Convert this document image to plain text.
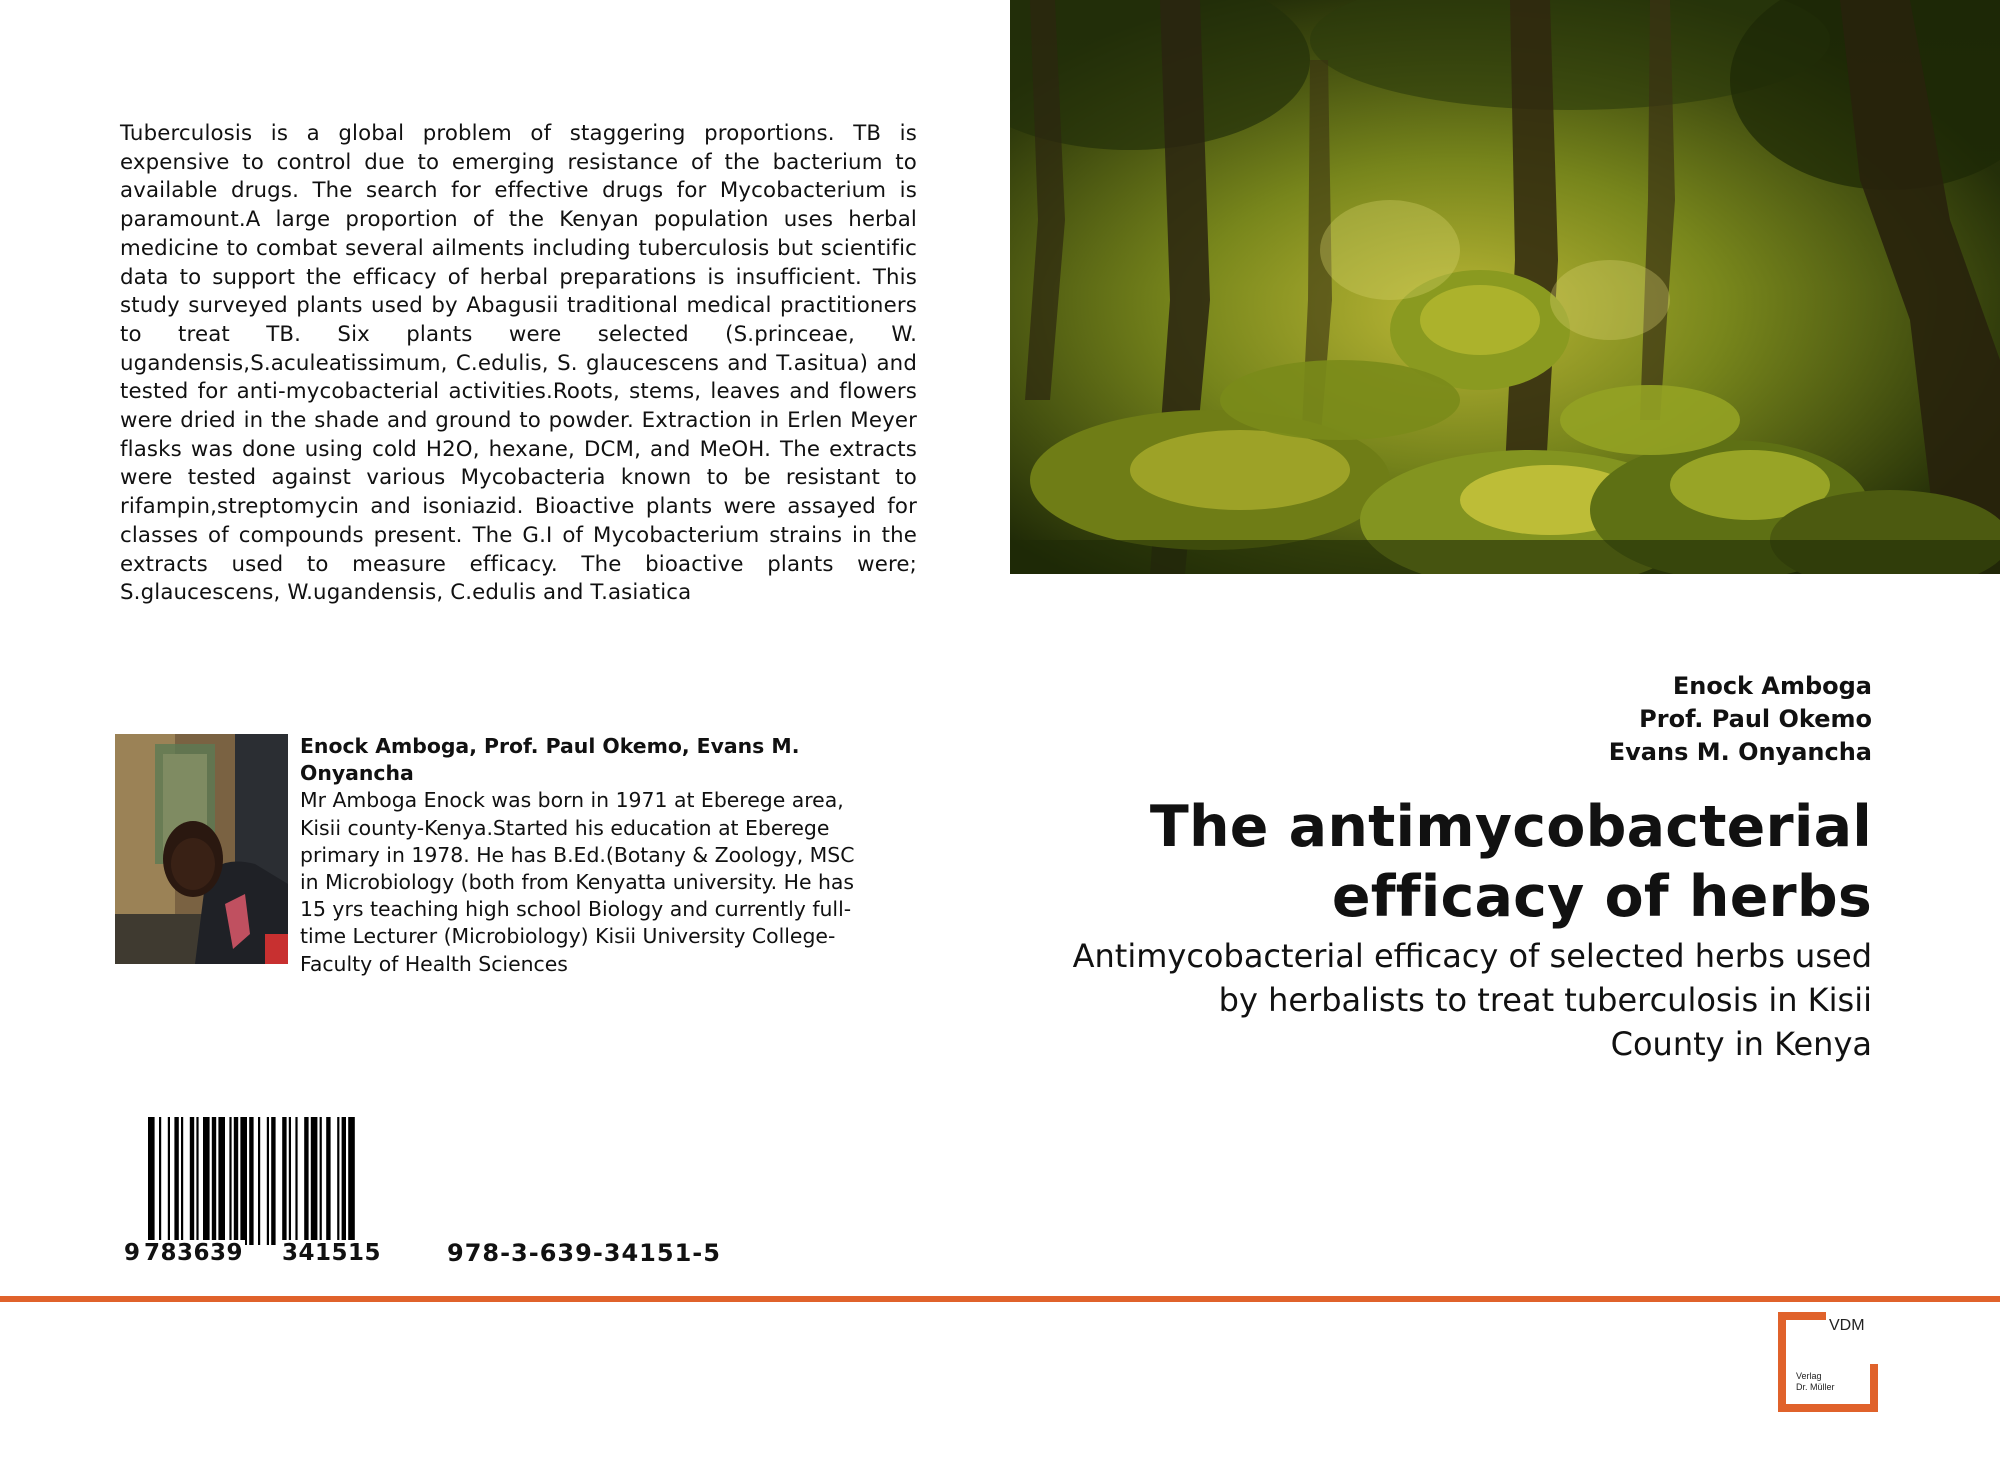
Tuberculosis is a global problem of staggering proportions. TB is expensive to control due to emerging resistance of the bacterium to available drugs. The search for effective drugs for Mycobacterium is paramount.A large proportion of the Kenyan population uses herbal medicine to combat several ailments including tuberculosis but scientific data to support the efficacy of herbal preparations is insufficient. This study surveyed plants used by Abagusii traditional medical practitioners to treat TB. Six plants were selected (S.princeae, W. ugandensis,S.aculeatissimum, C.edulis, S. glaucescens and T.asitua) and tested for anti-mycobacterial activities.Roots, stems, leaves and flowers were dried in the shade and ground to powder. Extraction in Erlen Meyer flasks was done using cold H2O, hexane, DCM, and MeOH. The extracts were tested against various Mycobacteria known to be resistant to rifampin,streptomycin and isoniazid. Bioactive plants were assayed for classes of compounds present. The G.I of Mycobacterium strains in the extracts used to measure efficacy. The bioactive plants were; S.glaucescens, W.ugandensis, C.edulis and T.asiatica
Enock Amboga, Prof. Paul Okemo, Evans M. Onyancha
Mr Amboga Enock was born in 1971 at Eberege area, Kisii county-Kenya.Started his education at Eberege primary in 1978. He has B.Ed.(Botany & Zoology, MSC in Microbiology (both from Kenyatta university. He has 15 yrs teaching high school Biology and currently full-time Lecturer (Microbiology) Kisii University College-Faculty of Health Sciences
9 783639 341515	978-3-639-34151-5
Enock Amboga
Prof. Paul Okemo
Evans M. Onyancha
The antimycobacterial
efficacy of herbs
Antimycobacterial efficacy of selected herbs used
by herbalists to treat tuberculosis in Kisii
County in Kenya
VDM
Verlag
Dr. Müller
